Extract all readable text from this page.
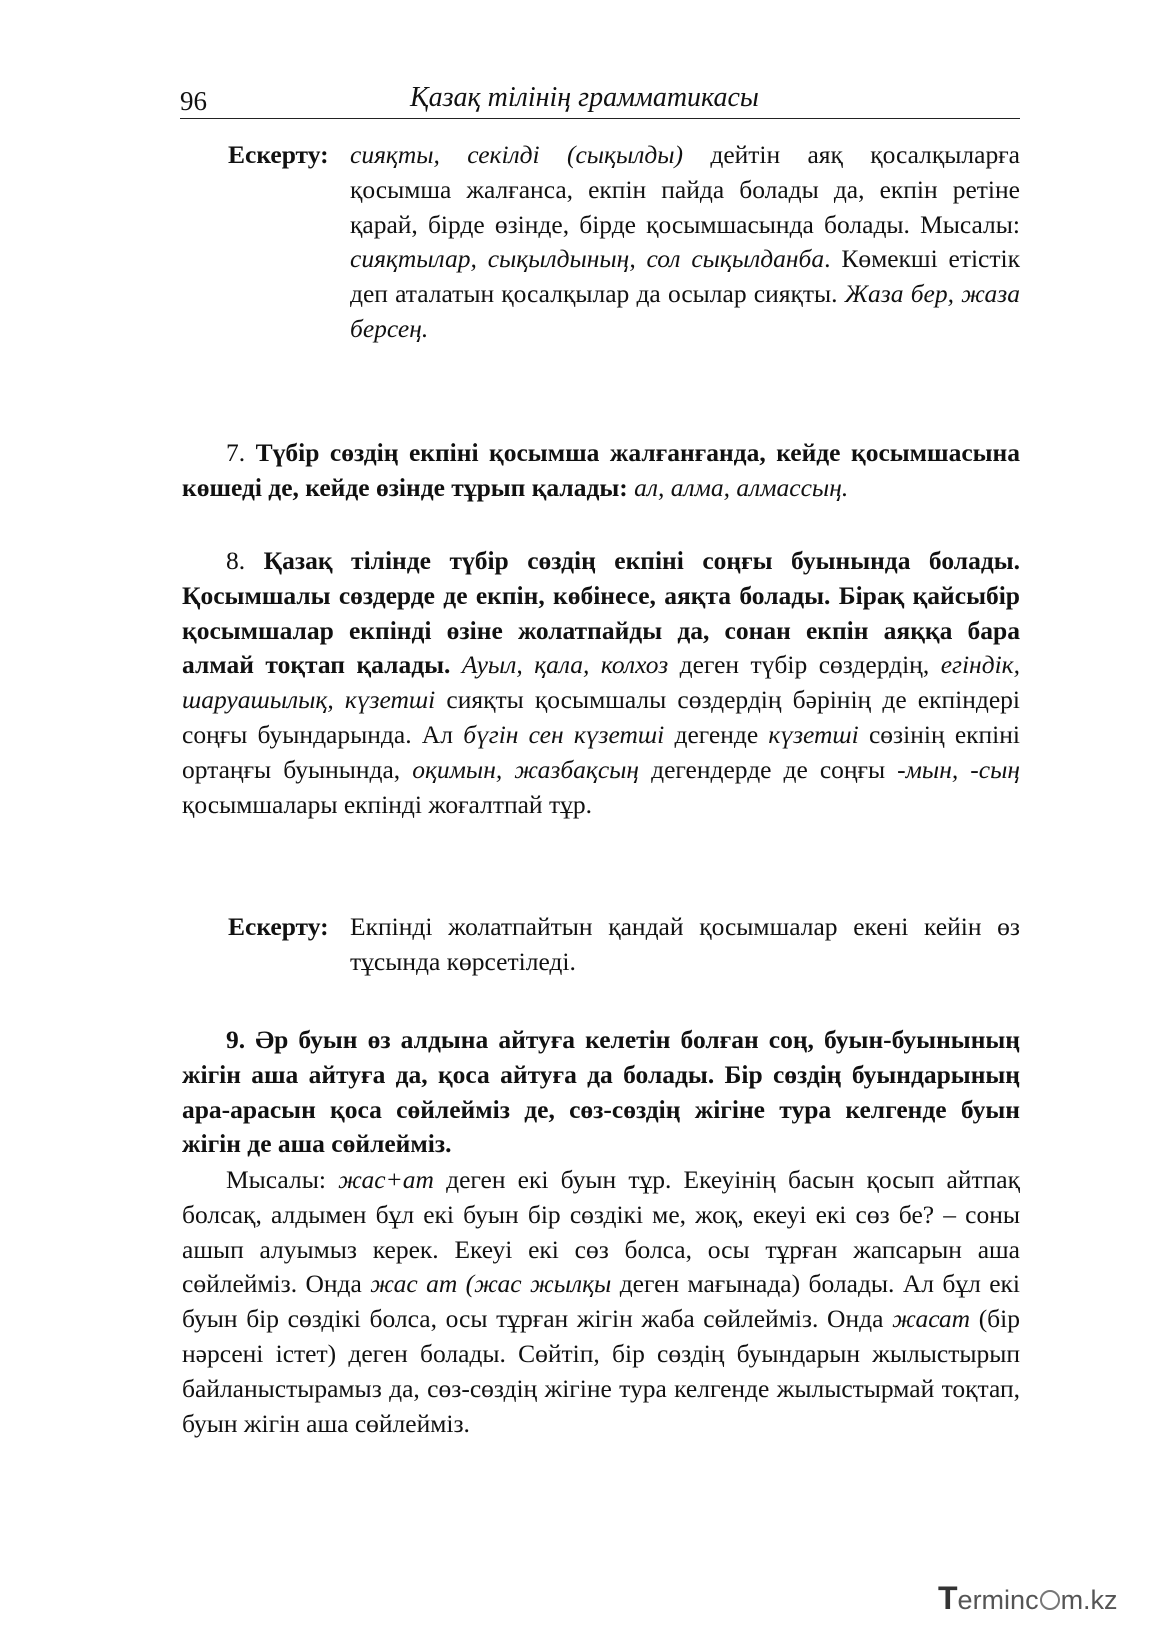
96	Қазақ тілінің грамматикасы
Ескерту: сияқты, секілді (сықылды) дейтін аяқ қосалқыларға қосымша жалғанса, екпін пайда болады да, екпін ретіне қарай, бірде өзінде, бірде қосымшасында болады. Мысалы: сияқтылар, сықылдының, сол сықылданба. Көмекші етістік деп аталатын қосалқылар да осылар сияқты. Жаза бер, жаза берсең.
7. Түбір сөздің екпіні қосымша жалғанғанда, кейде қосымшасына көшеді де, кейде өзінде тұрып қалады: ал, алма, алмассың.
8. Қазақ тілінде түбір сөздің екпіні соңғы буынында болады. Қосымшалы сөздерде де екпін, көбінесе, аяқта болады. Бірақ қайсыбір қосымшалар екпінді өзіне жолатпайды да, сонан екпін аяққа бара алмай тоқтап қалады. Ауыл, қала, колхоз деген түбір сөздердің, егіндік, шаруашылық, күзетші сияқты қосымшалы сөздердің бәрінің де екпіндері соңғы буындарында. Ал бүгін сен күзетші дегенде күзетші сөзінің екпіні ортаңғы буынында, оқимын, жазбақсың дегендерде де соңғы -мын, -сың қосымшалары екпінді жоғалтпай тұр.
Ескерту: Екпінді жолатпайтын қандай қосымшалар екені кейін өз тұсында көрсетіледі.
9. Әр буын өз алдына айтуға келетін болған соң, буын-буынының жігін аша айтуға да, қоса айтуға да болады. Бір сөздің буындарының ара-арасын қоса сөйлейміз де, сөз-сөздің жігіне тура келгенде буын жігін де аша сөйлейміз.
Мысалы: жас+ат деген екі буын тұр. Екеуінің басын қосып айтпақ болсақ, алдымен бұл екі буын бір сөздікі ме, жоқ, екеуі екі сөз бе? – соны ашып алуымыз керек. Екеуі екі сөз болса, осы тұрған жапсарын аша сөйлейміз. Онда жас ат (жас жылқы деген мағынада) болады. Ал бұл екі буын бір сөздікі болса, осы тұрған жігін жаба сөйлейміз. Онда жасат (бір нәрсені істет) деген болады. Сөйтіп, бір сөздің буындарын жылыстырып байланыстырамыз да, сөз-сөздің жігіне тура келгенде жылыстырмай тоқтап, буын жігін аша сөйлейміз.
Terminc m.kz
